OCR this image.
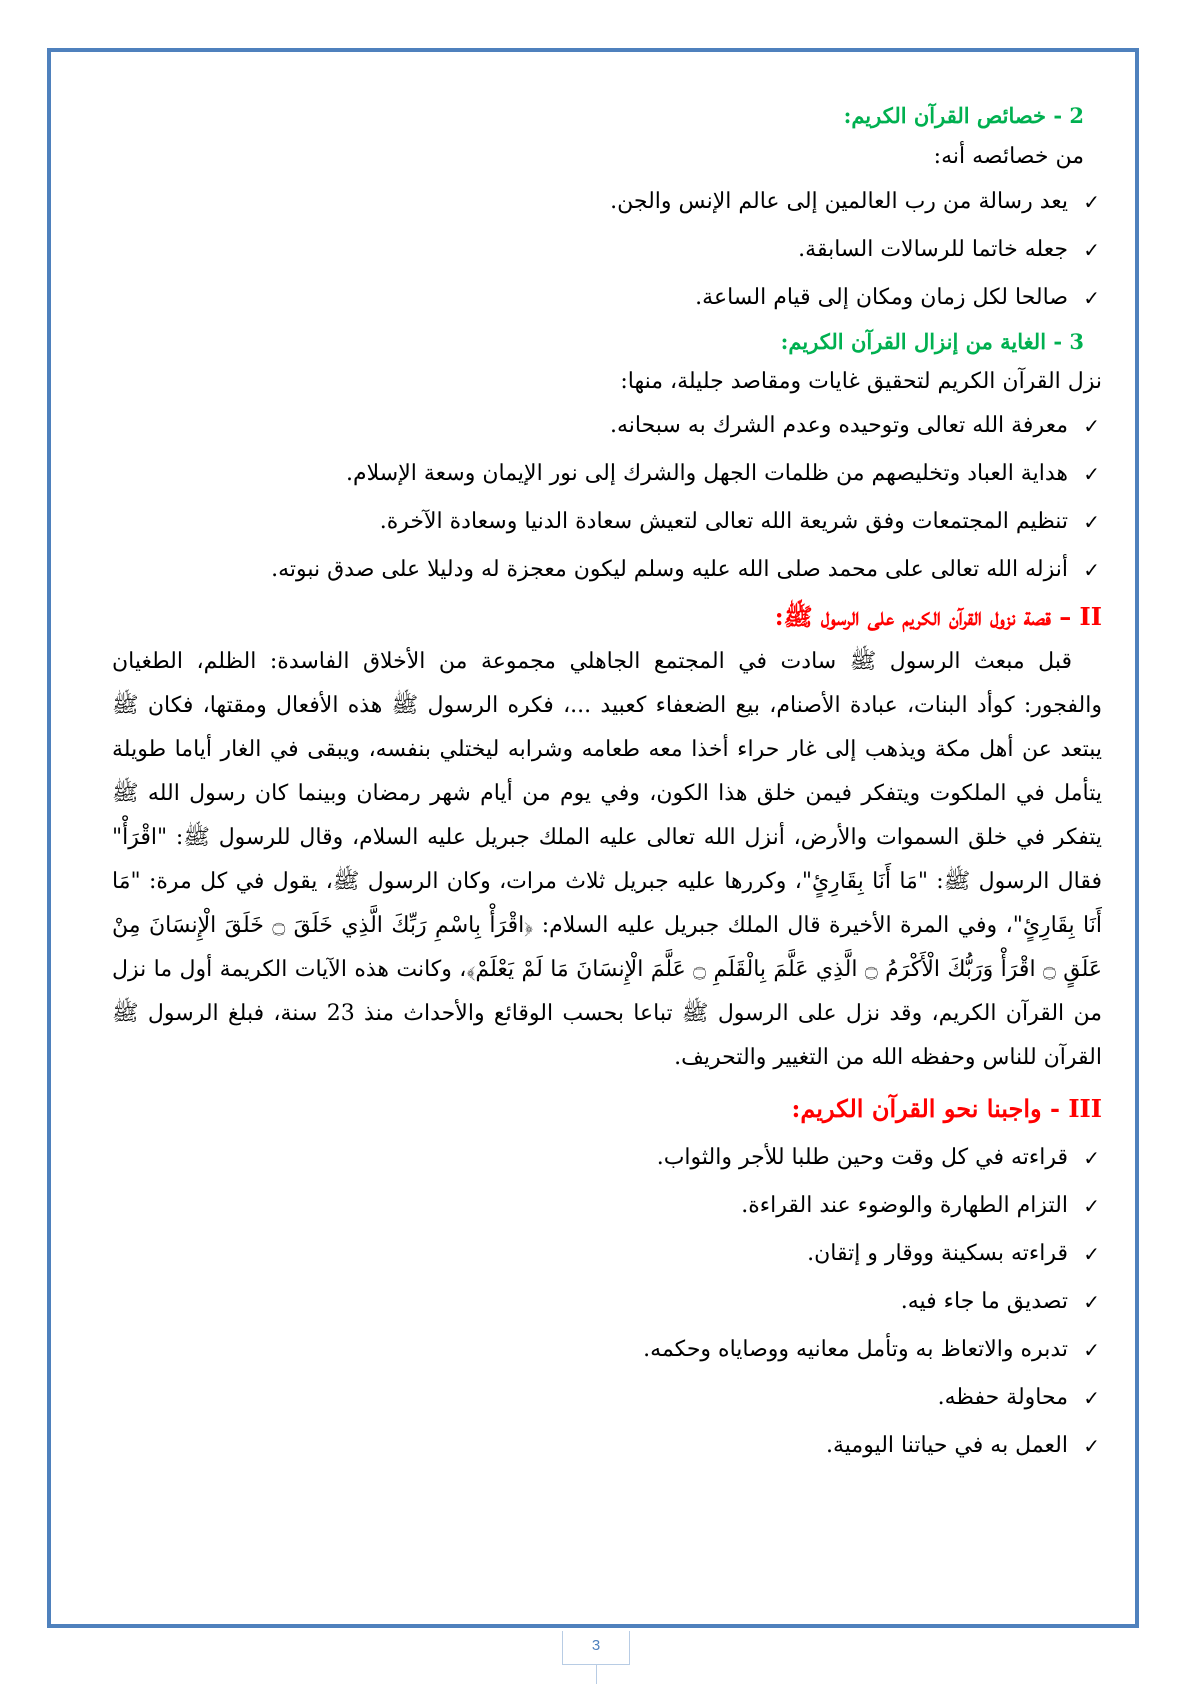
2 - خصائص القرآن الكريم:

من خصائصه أنه:

✓
يعد رسالة من رب العالمين إلى عالم الإنس والجن.
✓
جعله خاتما للرسالات السابقة.
✓
صالحا لكل زمان ومكان إلى قيام الساعة.
3 - الغاية من إنزال القرآن الكريم:

نزل القرآن الكريم لتحقيق غايات ومقاصد جليلة، منها:

✓
معرفة الله تعالى وتوحيده وعدم الشرك به سبحانه.
✓
هداية العباد وتخليصهم من ظلمات الجهل والشرك إلى نور الإيمان وسعة الإسلام.
✓
تنظيم المجتمعات وفق شريعة الله تعالى لتعيش سعادة الدنيا وسعادة الآخرة.
✓
أنزله الله تعالى على محمد صلى الله عليه وسلم ليكون معجزة له ودليلا على صدق نبوته.
II – قصة نزول القرآن الكريم على الرسول ﷺ:

قبل مبعث الرسول ﷺ سادت في المجتمع الجاهلي مجموعة من الأخلاق الفاسدة: الظلم، الطغيان والفجور: كوأد البنات، عبادة الأصنام، بيع الضعفاء كعبيد ...، فكره الرسول ﷺ هذه الأفعال ومقتها، فكان ﷺ يبتعد عن أهل مكة ويذهب إلى غار حراء أخذا معه طعامه وشرابه ليختلي بنفسه، ويبقى في الغار أياما طويلة يتأمل في الملكوت ويتفكر فيمن خلق هذا الكون، وفي يوم من أيام شهر رمضان وبينما كان رسول الله ﷺ يتفكر في خلق السموات والأرض، أنزل الله تعالى عليه الملك جبريل عليه السلام، وقال للرسول ﷺ: "اقْرَأْ" فقال الرسول ﷺ: "مَا أَنَا بِقَارِئٍ"، وكررها عليه جبريل ثلاث مرات، وكان الرسول ﷺ، يقول في كل مرة: "مَا أَنَا بِقَارِئٍ"، وفي المرة الأخيرة قال الملك جبريل عليه السلام: ﴿اقْرَأْ بِاسْمِ رَبِّكَ الَّذِي خَلَقَ ۝ خَلَقَ الْإِنسَانَ مِنْ عَلَقٍ ۝ اقْرَأْ وَرَبُّكَ الْأَكْرَمُ ۝ الَّذِي عَلَّمَ بِالْقَلَمِ ۝ عَلَّمَ الْإِنسَانَ مَا لَمْ يَعْلَمْ﴾، وكانت هذه الآيات الكريمة أول ما نزل من القرآن الكريم، وقد نزل على الرسول ﷺ تباعا بحسب الوقائع والأحداث منذ 23 سنة، فبلغ الرسول ﷺ القرآن للناس وحفظه الله من التغيير والتحريف.

III - واجبنا نحو القرآن الكريم:
✓
قراءته في كل وقت وحين طلبا للأجر والثواب.
✓
التزام الطهارة والوضوء عند القراءة.
✓
قراءته بسكينة ووقار و إتقان.
✓
تصديق ما جاء فيه.
✓
تدبره والاتعاظ به وتأمل معانيه ووصاياه وحكمه.
✓
محاولة حفظه.
✓
العمل به في حياتنا اليومية.
3
